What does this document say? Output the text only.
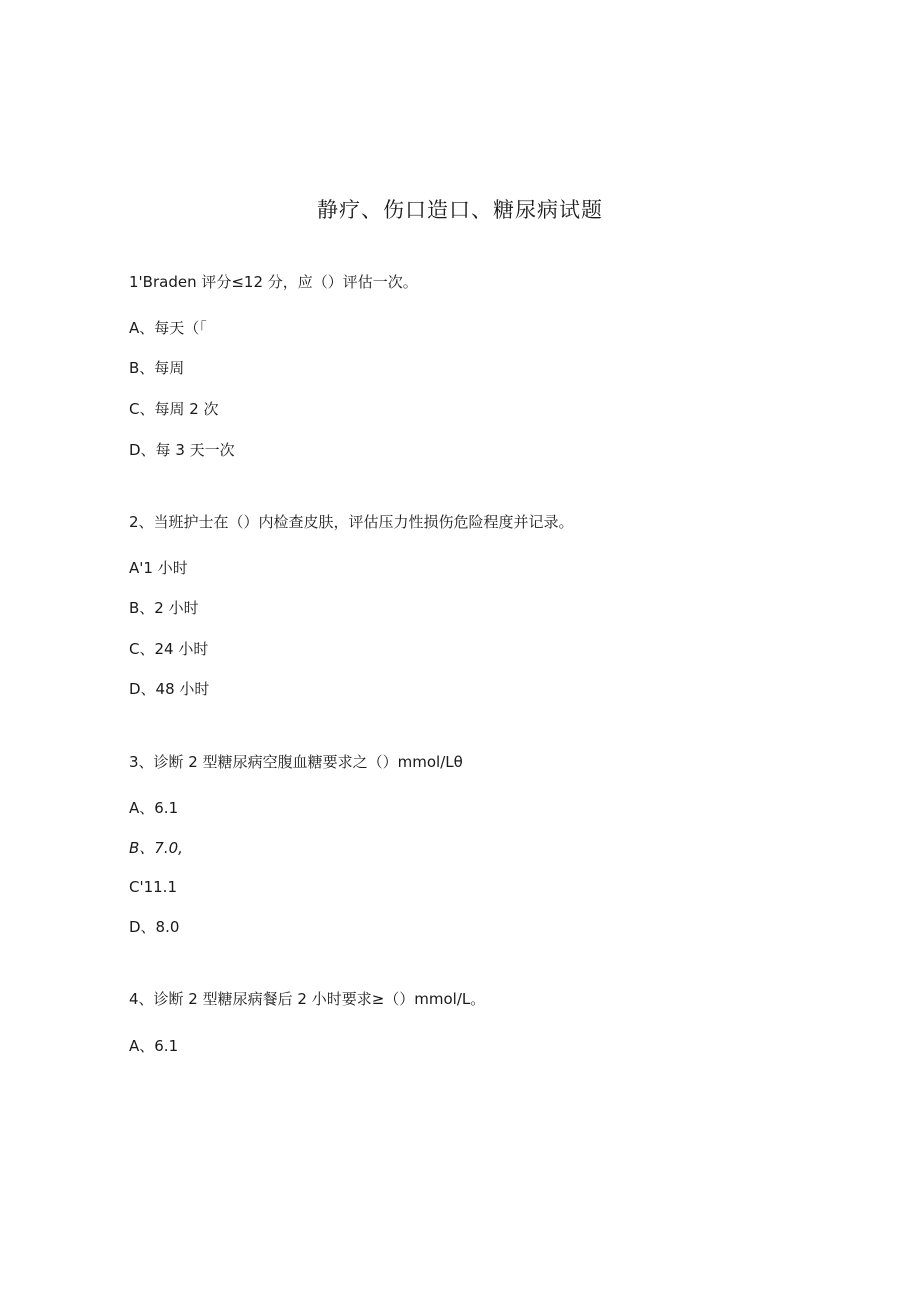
静疗、伤口造口、糖尿病试题
1'Braden 评分≤12 分，应（）评估一次。
A、每天（「
B、每周
C、每周 2 次
D、每 3 天一次
2、当班护士在（）内检查皮肤，评估压力性损伤危险程度并记录。
A'1 小时
B、2 小时
C、24 小时
D、48 小时
3、诊断 2 型糖尿病空腹血糖要求之（）mmol/Lθ
A、6.1
B、7.0,
C'11.1
D、8.0
4、诊断 2 型糖尿病餐后 2 小时要求≥（）mmol/L。
A、6.1
